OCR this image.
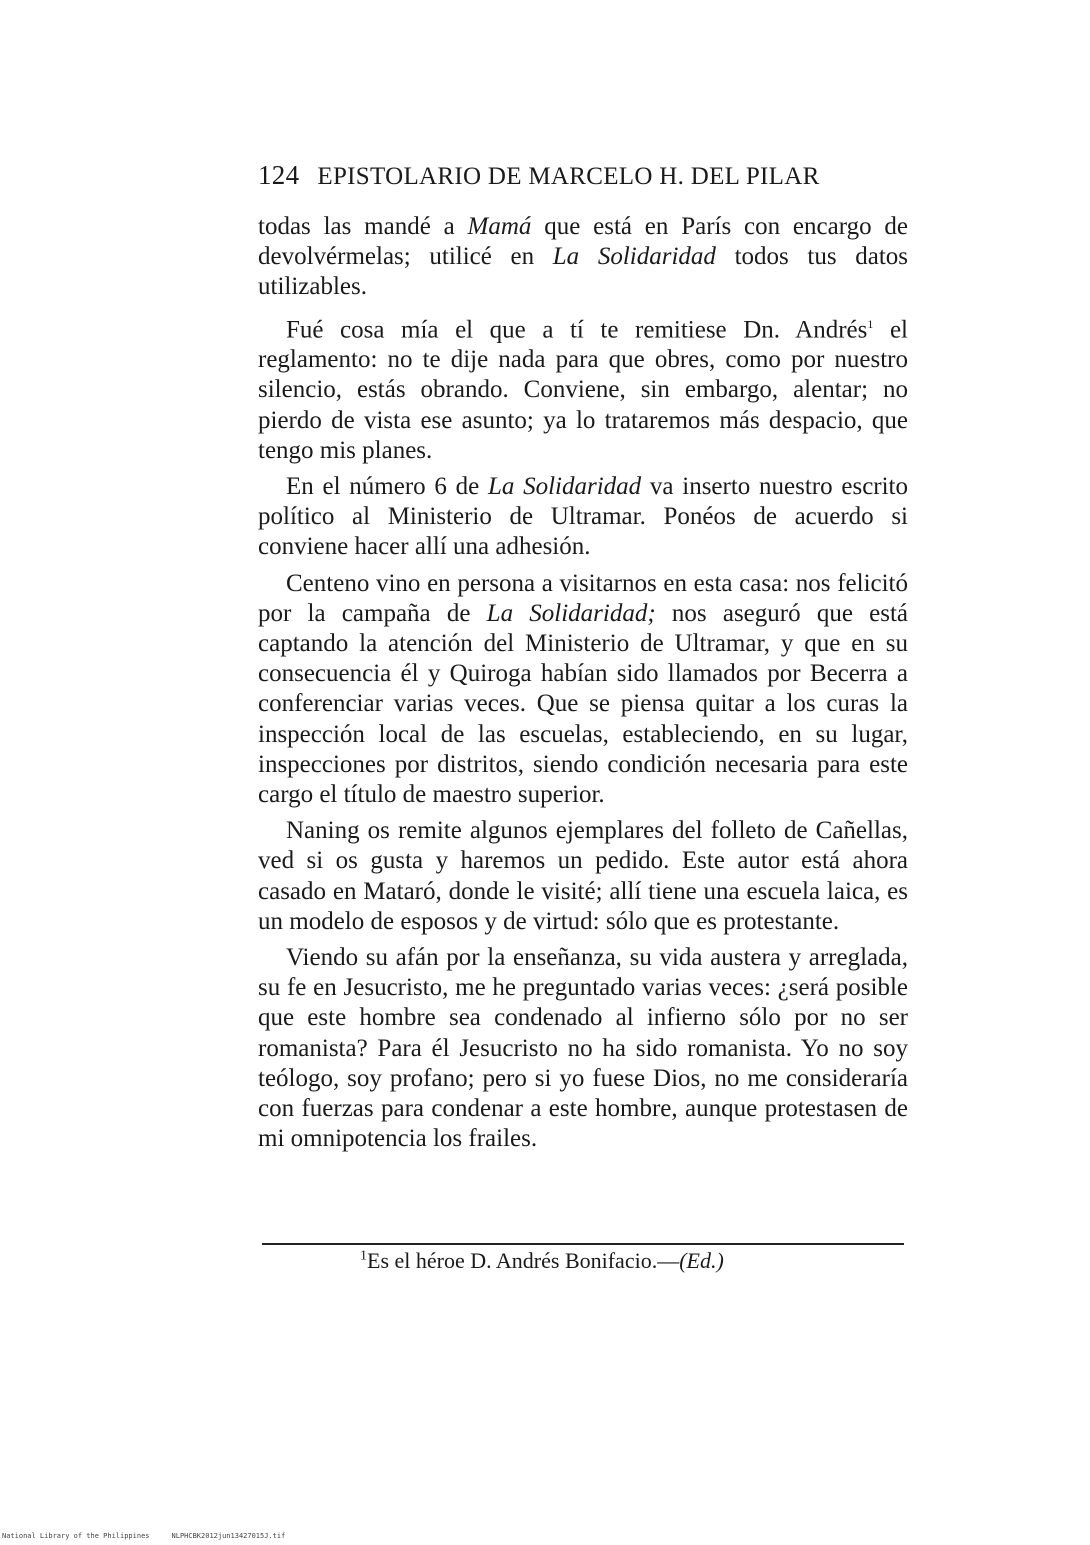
124 EPISTOLARIO DE MARCELO H. DEL PILAR

todas las mandé a Mamá que está en París con encargo de devolvérmelas; utilicé en La Solidaridad todos tus datos utilizables.

Fué cosa mía el que a tí te remitiese Dn. Andrés$^1$ el reglamento: no te dije nada para que obres, como por nuestro silencio, estás obrando. Conviene, sin embargo, alentar; no pierdo de vista ese asunto; ya lo trataremos más despacio, que tengo mis planes.

En el número 6 de La Solidaridad va inserto nuestro escrito político al Ministerio de Ultramar. Ponéos de acuerdo si conviene hacer allí una adhesión.

Centeno vino en persona a visitarnos en esta casa: nos felicitó por la campaña de La Solidaridad; nos aseguró que está captando la atención del Ministerio de Ultramar, y que en su consecuencia él y Quiroga habían sido llamados por Becerra a conferenciar varias veces. Que se piensa quitar a los curas la inspección local de las escuelas, estableciendo, en su lugar, inspecciones por distritos, siendo condición necesaria para este cargo el título de maestro superior.

Naning os remite algunos ejemplares del folleto de Cañellas, ved si os gusta y haremos un pedido. Este autor está ahora casado en Mataró, donde le visité; allí tiene una escuela laica, es un modelo de esposos y de virtud: sólo que es protestante.

Viendo su afán por la enseñanza, su vida austera y arreglada, su fe en Jesucristo, me he preguntado varias veces: ¿será posible que este hombre sea condenado al infierno sólo por no ser romanista? Para él Jesucristo no ha sido romanista. Yo no soy teólogo, soy profano; pero si yo fuese Dios, no me consideraría con fuerzas para condenar a este hombre, aunque protestasen de mi omnipotencia los frailes.

$^1$Es el héroe D. Andrés Bonifacio.—(Ed.)
National Library of the Philippines	NLPHCBK2012jun13427015J.tif
